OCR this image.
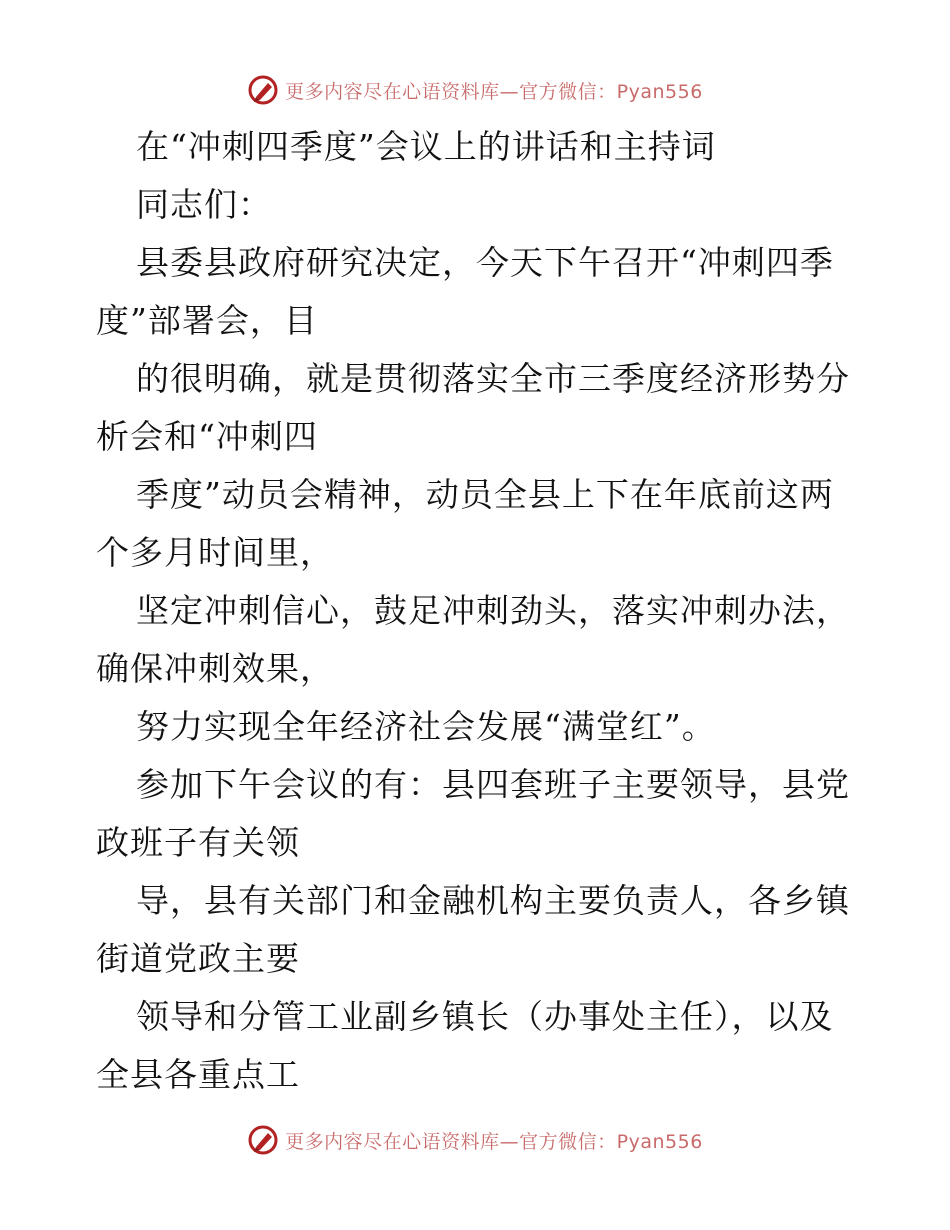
更多内容尽在心语资料库—官方微信：Pyan556
在“冲刺四季度”会议上的讲话和主持词
同志们：
县委县政府研究决定，今天下午召开“冲刺四季
度”部署会，目
的很明确，就是贯彻落实全市三季度经济形势分
析会和“冲刺四
季度”动员会精神，动员全县上下在年底前这两
个多月时间里，
坚定冲刺信心，鼓足冲刺劲头，落实冲刺办法，
确保冲刺效果，
努力实现全年经济社会发展“满堂红”。
参加下午会议的有：县四套班子主要领导，县党
政班子有关领
导，县有关部门和金融机构主要负责人，各乡镇
街道党政主要
领导和分管工业副乡镇长（办事处主任），以及
全县各重点工
更多内容尽在心语资料库—官方微信：Pyan556
